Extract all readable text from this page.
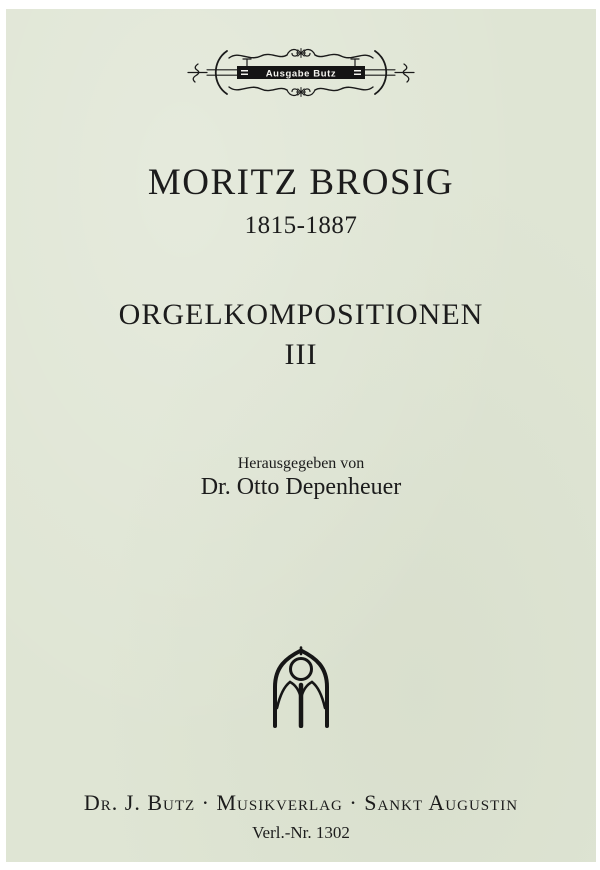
Ausgabe Butz
MORITZ BROSIG
1815-1887
ORGELKOMPOSITIONEN
III
Herausgegeben von
Dr. Otto Depenheuer
Dr. J. Butz · Musikverlag · Sankt Augustin
Verl.-Nr. 1302
